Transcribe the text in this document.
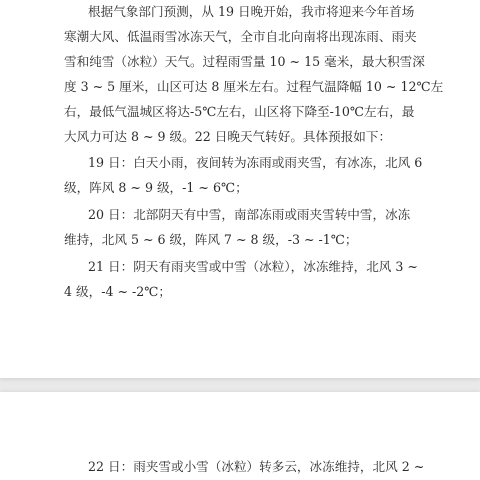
根据气象部门预测，从 19 日晚开始，我市将迎来今年首场
寒潮大风、低温雨雪冰冻天气，全市自北向南将出现冻雨、雨夹
雪和纯雪（冰粒）天气。过程雨雪量 10 ~ 15 毫米，最大积雪深
度 3 ~ 5 厘米，山区可达 8 厘米左右。过程气温降幅 10 ~ 12℃左
右，最低气温城区将达-5℃左右，山区将下降至-10℃左右，最
大风力可达 8 ~ 9 级。22 日晚天气转好。具体预报如下：
19 日：白天小雨，夜间转为冻雨或雨夹雪，有冰冻，北风 6
级，阵风 8 ~ 9 级，-1 ~ 6℃；
20 日：北部阴天有中雪，南部冻雨或雨夹雪转中雪，冰冻
维持，北风 5 ~ 6 级，阵风 7 ~ 8 级，-3 ~ -1℃；
21 日：阴天有雨夹雪或中雪（冰粒），冰冻维持，北风 3 ~
4 级，-4 ~ -2℃；
22 日：雨夹雪或小雪（冰粒）转多云，冰冻维持，北风 2 ~
